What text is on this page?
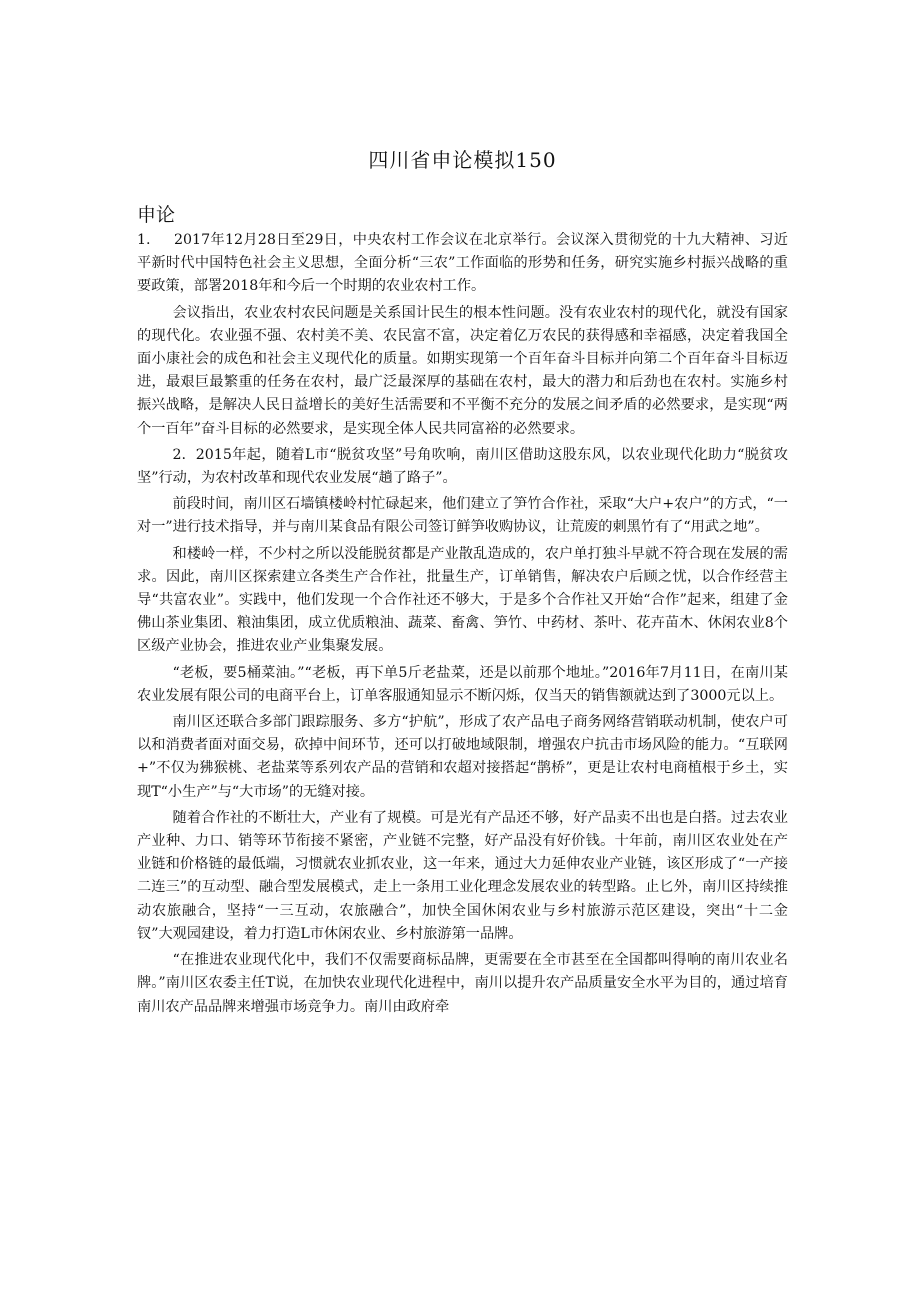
四川省申论模拟150
申论

1. 2017年12月28日至29日，中央农村工作会议在北京举行。会议深入贯彻党的十九大精神、习近平新时代中国特色社会主义思想，全面分析“三农”工作面临的形势和任务，研究实施乡村振兴战略的重要政策，部署2018年和今后一个时期的农业农村工作。

会议指出，农业农村农民问题是关系国计民生的根本性问题。没有农业农村的现代化，就没有国家的现代化。农业强不强、农村美不美、农民富不富，决定着亿万农民的获得感和幸福感，决定着我国全面小康社会的成色和社会主义现代化的质量。如期实现第一个百年奋斗目标并向第二个百年奋斗目标迈进，最艰巨最繁重的任务在农村，最广泛最深厚的基础在农村，最大的潜力和后劲也在农村。实施乡村振兴战略，是解决人民日益增长的美好生活需要和不平衡不充分的发展之间矛盾的必然要求，是实现“两个一百年”奋斗目标的必然要求，是实现全体人民共同富裕的必然要求。

2. 2015年起，随着L市“脱贫攻坚”号角吹响，南川区借助这股东风，以农业现代化助力“脱贫攻坚”行动，为农村改革和现代农业发展“趟了路子”。

前段时间，南川区石墙镇楼岭村忙碌起来，他们建立了笋竹合作社，采取“大户+农户”的方式，“一对一”进行技术指导，并与南川某食品有限公司签订鲜笋收购协议，让荒废的刺黑竹有了“用武之地”。

和楼岭一样，不少村之所以没能脱贫都是产业散乱造成的，农户单打独斗早就不符合现在发展的需求。因此，南川区探索建立各类生产合作社，批量生产，订单销售，解决农户后顾之忧，以合作经营主导“共富农业”。实践中，他们发现一个合作社还不够大，于是多个合作社又开始“合作”起来，组建了金佛山茶业集团、粮油集团，成立优质粮油、蔬菜、畜禽、笋竹、中药材、茶叶、花卉苗木、休闲农业8个区级产业协会，推进农业产业集聚发展。

“老板，要5桶菜油。”“老板，再下单5斤老盐菜，还是以前那个地址。”2016年7月11日，在南川某农业发展有限公司的电商平台上，订单客服通知显示不断闪烁，仅当天的销售额就达到了3000元以上。

南川区还联合多部门跟踪服务、多方“护航”，形成了农产品电子商务网络营销联动机制，使农户可以和消费者面对面交易，砍掉中间环节，还可以打破地域限制，增强农户抗击市场风险的能力。“互联网+”不仅为狒猴桃、老盐菜等系列农产品的营销和农超对接搭起“鹊桥”，更是让农村电商植根于乡土，实现T“小生产”与“大市场”的无缝对接。

随着合作社的不断壮大，产业有了规模。可是光有产品还不够，好产品卖不出也是白搭。过去农业产业种、力口、销等环节衔接不紧密，产业链不完整，好产品没有好价钱。十年前，南川区农业处在产业链和价格链的最低端，习惯就农业抓农业，这一年来，通过大力延伸农业产业链，该区形成了“一产接二连三”的互动型、融合型发展模式，走上一条用工业化理念发展农业的转型路。止匕外，南川区持续推动农旅融合，坚持“一三互动，农旅融合”，加快全国休闲农业与乡村旅游示范区建设，突出“十二金钗”大观园建设，着力打造L市休闲农业、乡村旅游第一品牌。

“在推进农业现代化中，我们不仅需要商标品牌，更需要在全市甚至在全国都叫得响的南川农业名牌。”南川区农委主任T说，在加快农业现代化进程中，南川以提升农产品质量安全水平为目的，通过培育南川农产品品牌来增强市场竞争力。南川由政府牵
